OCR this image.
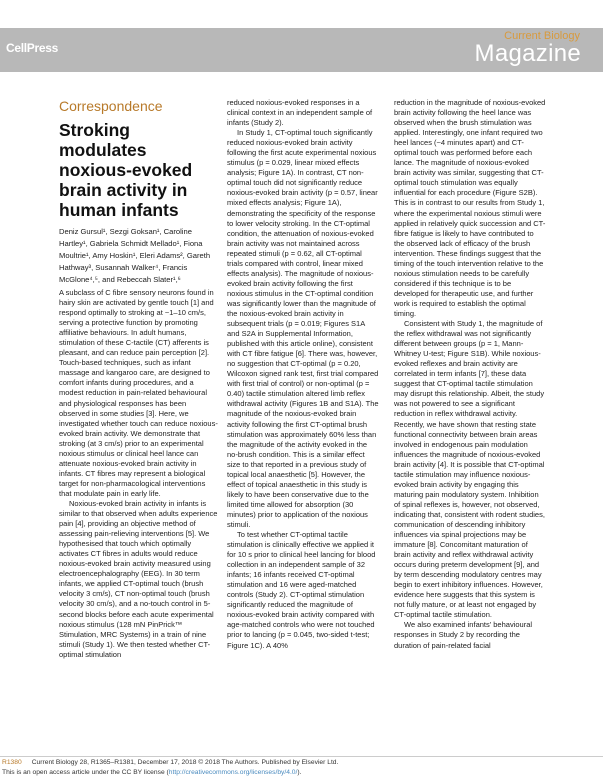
CellPress
Current Biology
Magazine
Correspondence
Stroking modulates noxious-evoked brain activity in human infants
Deniz Gursul¹, Sezgi Goksan¹, Caroline Hartley¹, Gabriela Schmidt Mellado¹, Fiona Moultrie¹, Amy Hoskin¹, Eleri Adams², Gareth Hathway³, Susannah Walker⁴, Francis McGlone⁴,⁵, and Rebeccah Slater¹,⁶

A subclass of C fibre sensory neurons found in hairy skin are activated by gentle touch [1] and respond optimally to stroking at ~1–10 cm/s, serving a protective function by promoting affiliative behaviours. In adult humans, stimulation of these C-tactile (CT) afferents is pleasant, and can reduce pain perception [2]. Touch-based techniques, such as infant massage and kangaroo care, are designed to comfort infants during procedures, and a modest reduction in pain-related behavioural and physiological responses has been observed in some studies [3]. Here, we investigated whether touch can reduce noxious-evoked brain activity. We demonstrate that stroking (at 3 cm/s) prior to an experimental noxious stimulus or clinical heel lance can attenuate noxious-evoked brain activity in infants. CT fibres may represent a biological target for non-pharmacological interventions that modulate pain in early life.

Noxious-evoked brain activity in infants is similar to that observed when adults experience pain [4], providing an objective method of assessing pain-relieving interventions [5]. We hypothesised that touch which optimally activates CT fibres in adults would reduce noxious-evoked brain activity measured using electroencephalography (EEG). In 30 term infants, we applied CT-optimal touch (brush velocity 3 cm/s), CT non-optimal touch (brush velocity 30 cm/s), and a no-touch control in 5-second blocks before each acute experimental noxious stimulus (128 mN PinPrick™ Stimulation, MRC Systems) in a train of nine stimuli (Study 1). We then tested whether CT-optimal stimulation

reduced noxious-evoked responses in a clinical context in an independent sample of infants (Study 2).

In Study 1, CT-optimal touch significantly reduced noxious-evoked brain activity following the first acute experimental noxious stimulus (p = 0.029, linear mixed effects analysis; Figure 1A). In contrast, CT non-optimal touch did not significantly reduce noxious-evoked brain activity (p = 0.57, linear mixed effects analysis; Figure 1A), demonstrating the specificity of the response to lower velocity stroking. In the CT-optimal condition, the attenuation of noxious-evoked brain activity was not maintained across repeated stimuli (p = 0.62, all CT-optimal trials compared with control, linear mixed effects analysis). The magnitude of noxious-evoked brain activity following the first noxious stimulus in the CT-optimal condition was significantly lower than the magnitude of the noxious-evoked brain activity in subsequent trials (p = 0.019; Figures S1A and S2A in Supplemental Information, published with this article online), consistent with CT fibre fatigue [6]. There was, however, no suggestion that CT-optimal (p = 0.20, Wilcoxon signed rank test, first trial compared with first trial of control) or non-optimal (p = 0.40) tactile stimulation altered limb reflex withdrawal activity (Figures 1B and S1A). The magnitude of the noxious-evoked brain activity following the first CT-optimal brush stimulation was approximately 60% less than the magnitude of the activity evoked in the no-brush condition. This is a similar effect size to that reported in a previous study of topical local anaesthetic [5]. However, the effect of topical anaesthetic in this study is likely to have been conservative due to the limited time allowed for absorption (30 minutes) prior to application of the noxious stimuli.

To test whether CT-optimal tactile stimulation is clinically effective we applied it for 10 s prior to clinical heel lancing for blood collection in an independent sample of 32 infants; 16 infants received CT-optimal stimulation and 16 were aged-matched controls (Study 2). CT-optimal stimulation significantly reduced the magnitude of noxious-evoked brain activity compared with age-matched controls who were not touched prior to lancing (p = 0.045, two-sided t-test; Figure 1C). A 40%

reduction in the magnitude of noxious-evoked brain activity following the heel lance was observed when the brush stimulation was applied. Interestingly, one infant required two heel lances (~4 minutes apart) and CT-optimal touch was performed before each lance. The magnitude of noxious-evoked brain activity was similar, suggesting that CT-optimal touch stimulation was equally influential for each procedure (Figure S2B). This is in contrast to our results from Study 1, where the experimental noxious stimuli were applied in relatively quick succession and CT-fibre fatigue is likely to have contributed to the observed lack of efficacy of the brush intervention. These findings suggest that the timing of the touch intervention relative to the noxious stimulation needs to be carefully considered if this technique is to be developed for therapeutic use, and further work is required to establish the optimal timing.

Consistent with Study 1, the magnitude of the reflex withdrawal was not significantly different between groups (p = 1, Mann-Whitney U-test; Figure S1B). While noxious-evoked reflexes and brain activity are correlated in term infants [7], these data suggest that CT-optimal tactile stimulation may disrupt this relationship. Albeit, the study was not powered to see a significant reduction in reflex withdrawal activity. Recently, we have shown that resting state functional connectivity between brain areas involved in endogenous pain modulation influences the magnitude of noxious-evoked brain activity [4]. It is possible that CT-optimal tactile stimulation may influence noxious-evoked brain activity by engaging this maturing pain modulatory system. Inhibition of spinal reflexes is, however, not observed, indicating that, consistent with rodent studies, communication of descending inhibitory influences via spinal projections may be immature [8]. Concomitant maturation of brain activity and reflex withdrawal activity occurs during preterm development [9], and by term descending modulatory centres may begin to exert inhibitory influences. However, evidence here suggests that this system is not fully mature, or at least not engaged by CT-optimal tactile stimulation.

We also examined infants' behavioural responses in Study 2 by recording the duration of pain-related facial

R1380 Current Biology 28, R1365–R1381, December 17, 2018 © 2018 The Authors. Published by Elsevier Ltd.
This is an open access article under the CC BY license (http://creativecommons.org/licenses/by/4.0/).
